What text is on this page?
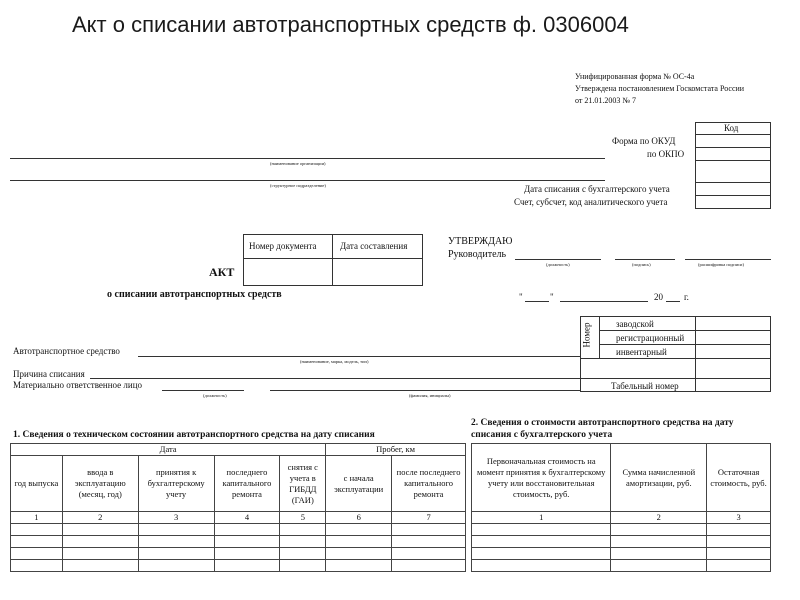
Акт о списании автотранспортных средств ф. 0306004
Унифицированная форма № ОС-4а
Утверждена постановлением Госкомстата России
от 21.01.2003 № 7
Код
Форма по ОКУД
по ОКПО
Дата списания с бухгалтерского учета
Счет, субсчет, код аналитического учета
(наименование организации)
(структурное подразделение)
Номер документа	Дата составления
АКТ
о списании автотранспортных средств
УТВЕРЖДАЮ
Руководитель
(должность)	(подпись)	(расшифровка подписи)
"	"	20 г.
Номер	заводской
регистрационный
инвентарный
Табельный номер
Автотранспортное средство
(наименование, марка, модель, тип)
Причина списания
Материально ответственное лицо
(должность)	(фамилия, инициалы)
1. Сведения о техническом состоянии автотранспортного средства на дату списания
Дата					Пробег, км	
год выпуска	ввода в эксплуатацию (месяц, год)	принятия к бухгалтерскому учету	последнего капитального ремонта	снятия с учета в ГИБДД (ГАИ)	с начала эксплуатации	после последнего капитального ремонта
1	2	3	4	5	6	7

2. Сведения о стоимости автотранспортного средства на дату
списания с бухгалтерского учета
Первоначальная стоимость на момент принятия к бухгалтерскому учету или восстановительная стоимость, руб.	Сумма начисленной амортизации, руб.	Остаточная стоимость, руб.
1	2	3
